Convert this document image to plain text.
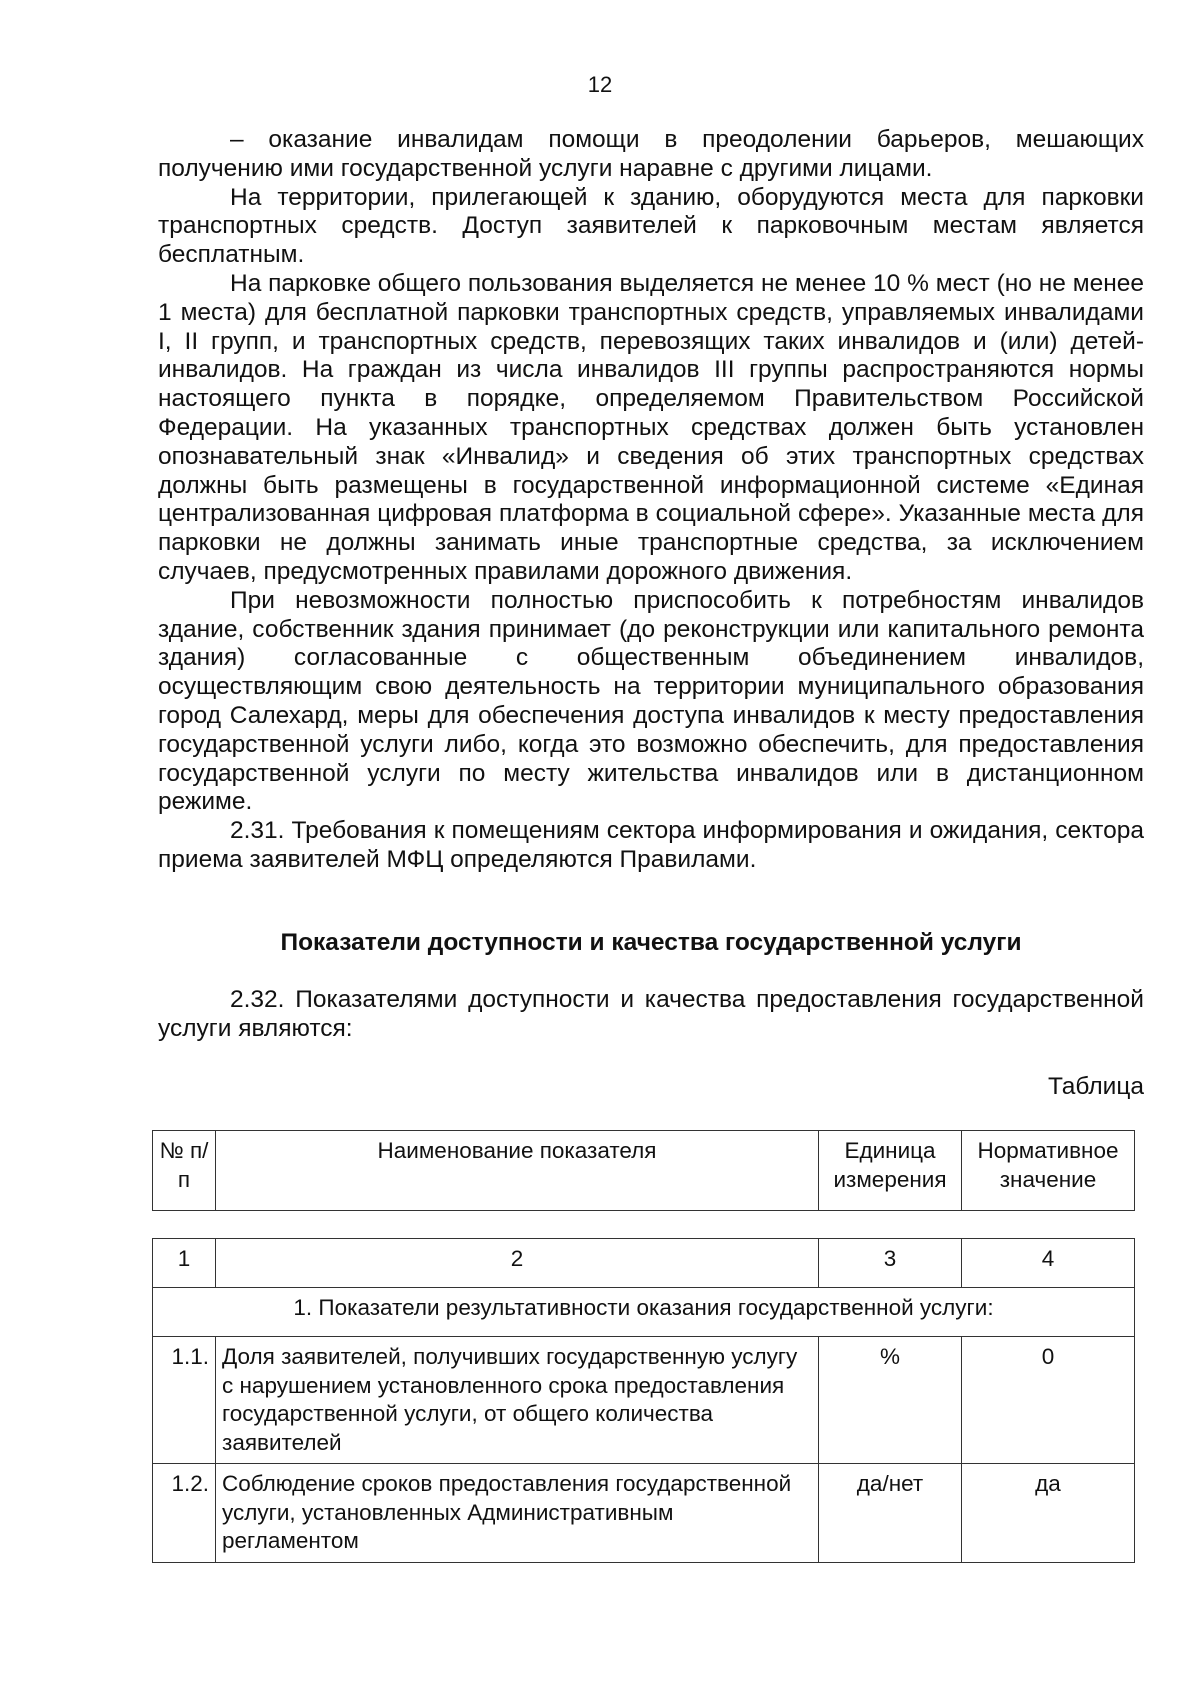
12

– оказание инвалидам помощи в преодолении барьеров, мешающих получению ими государственной услуги наравне с другими лицами.

На территории, прилегающей к зданию, оборудуются места для парковки транспортных средств. Доступ заявителей к парковочным местам является бесплатным.

На парковке общего пользования выделяется не менее 10 % мест (но не менее 1 места) для бесплатной парковки транспортных средств, управляемых инвалидами I, II групп, и транспортных средств, перевозящих таких инвалидов и (или) детей-инвалидов. На граждан из числа инвалидов III группы распространяются нормы настоящего пункта в порядке, определяемом Правительством Российской Федерации. На указанных транспортных средствах должен быть установлен опознавательный знак «Инвалид» и сведения об этих транспортных средствах должны быть размещены в государственной информационной системе «Единая централизованная цифровая платформа в социальной сфере». Указанные места для парковки не должны занимать иные транспортные средства, за исключением случаев, предусмотренных правилами дорожного движения.

При невозможности полностью приспособить к потребностям инвалидов здание, собственник здания принимает (до реконструкции или капитального ремонта здания) согласованные с общественным объединением инвалидов, осуществляющим свою деятельность на территории муниципального образования город Салехард, меры для обеспечения доступа инвалидов к месту предоставления государственной услуги либо, когда это возможно обеспечить, для предоставления государственной услуги по месту жительства инвалидов или в дистанционном режиме.

2.31. Требования к помещениям сектора информирования и ожидания, сектора приема заявителей МФЦ определяются Правилами.

Показатели доступности и качества государственной услуги

2.32. Показателями доступности и качества предоставления государственной услуги являются:

Таблица
№ п/п	Наименование показателя	Единица измерения	Нормативное значение
1	2	3	4
1. Показатели результативности оказания государственной услуги:			
1.1.	Доля заявителей, получивших государственную услугу с нарушением установленного срока предоставления государственной услуги, от общего количества заявителей	%	0
1.2.	Соблюдение сроков предоставления государственной услуги, установленных Административным регламентом	да/нет	да
